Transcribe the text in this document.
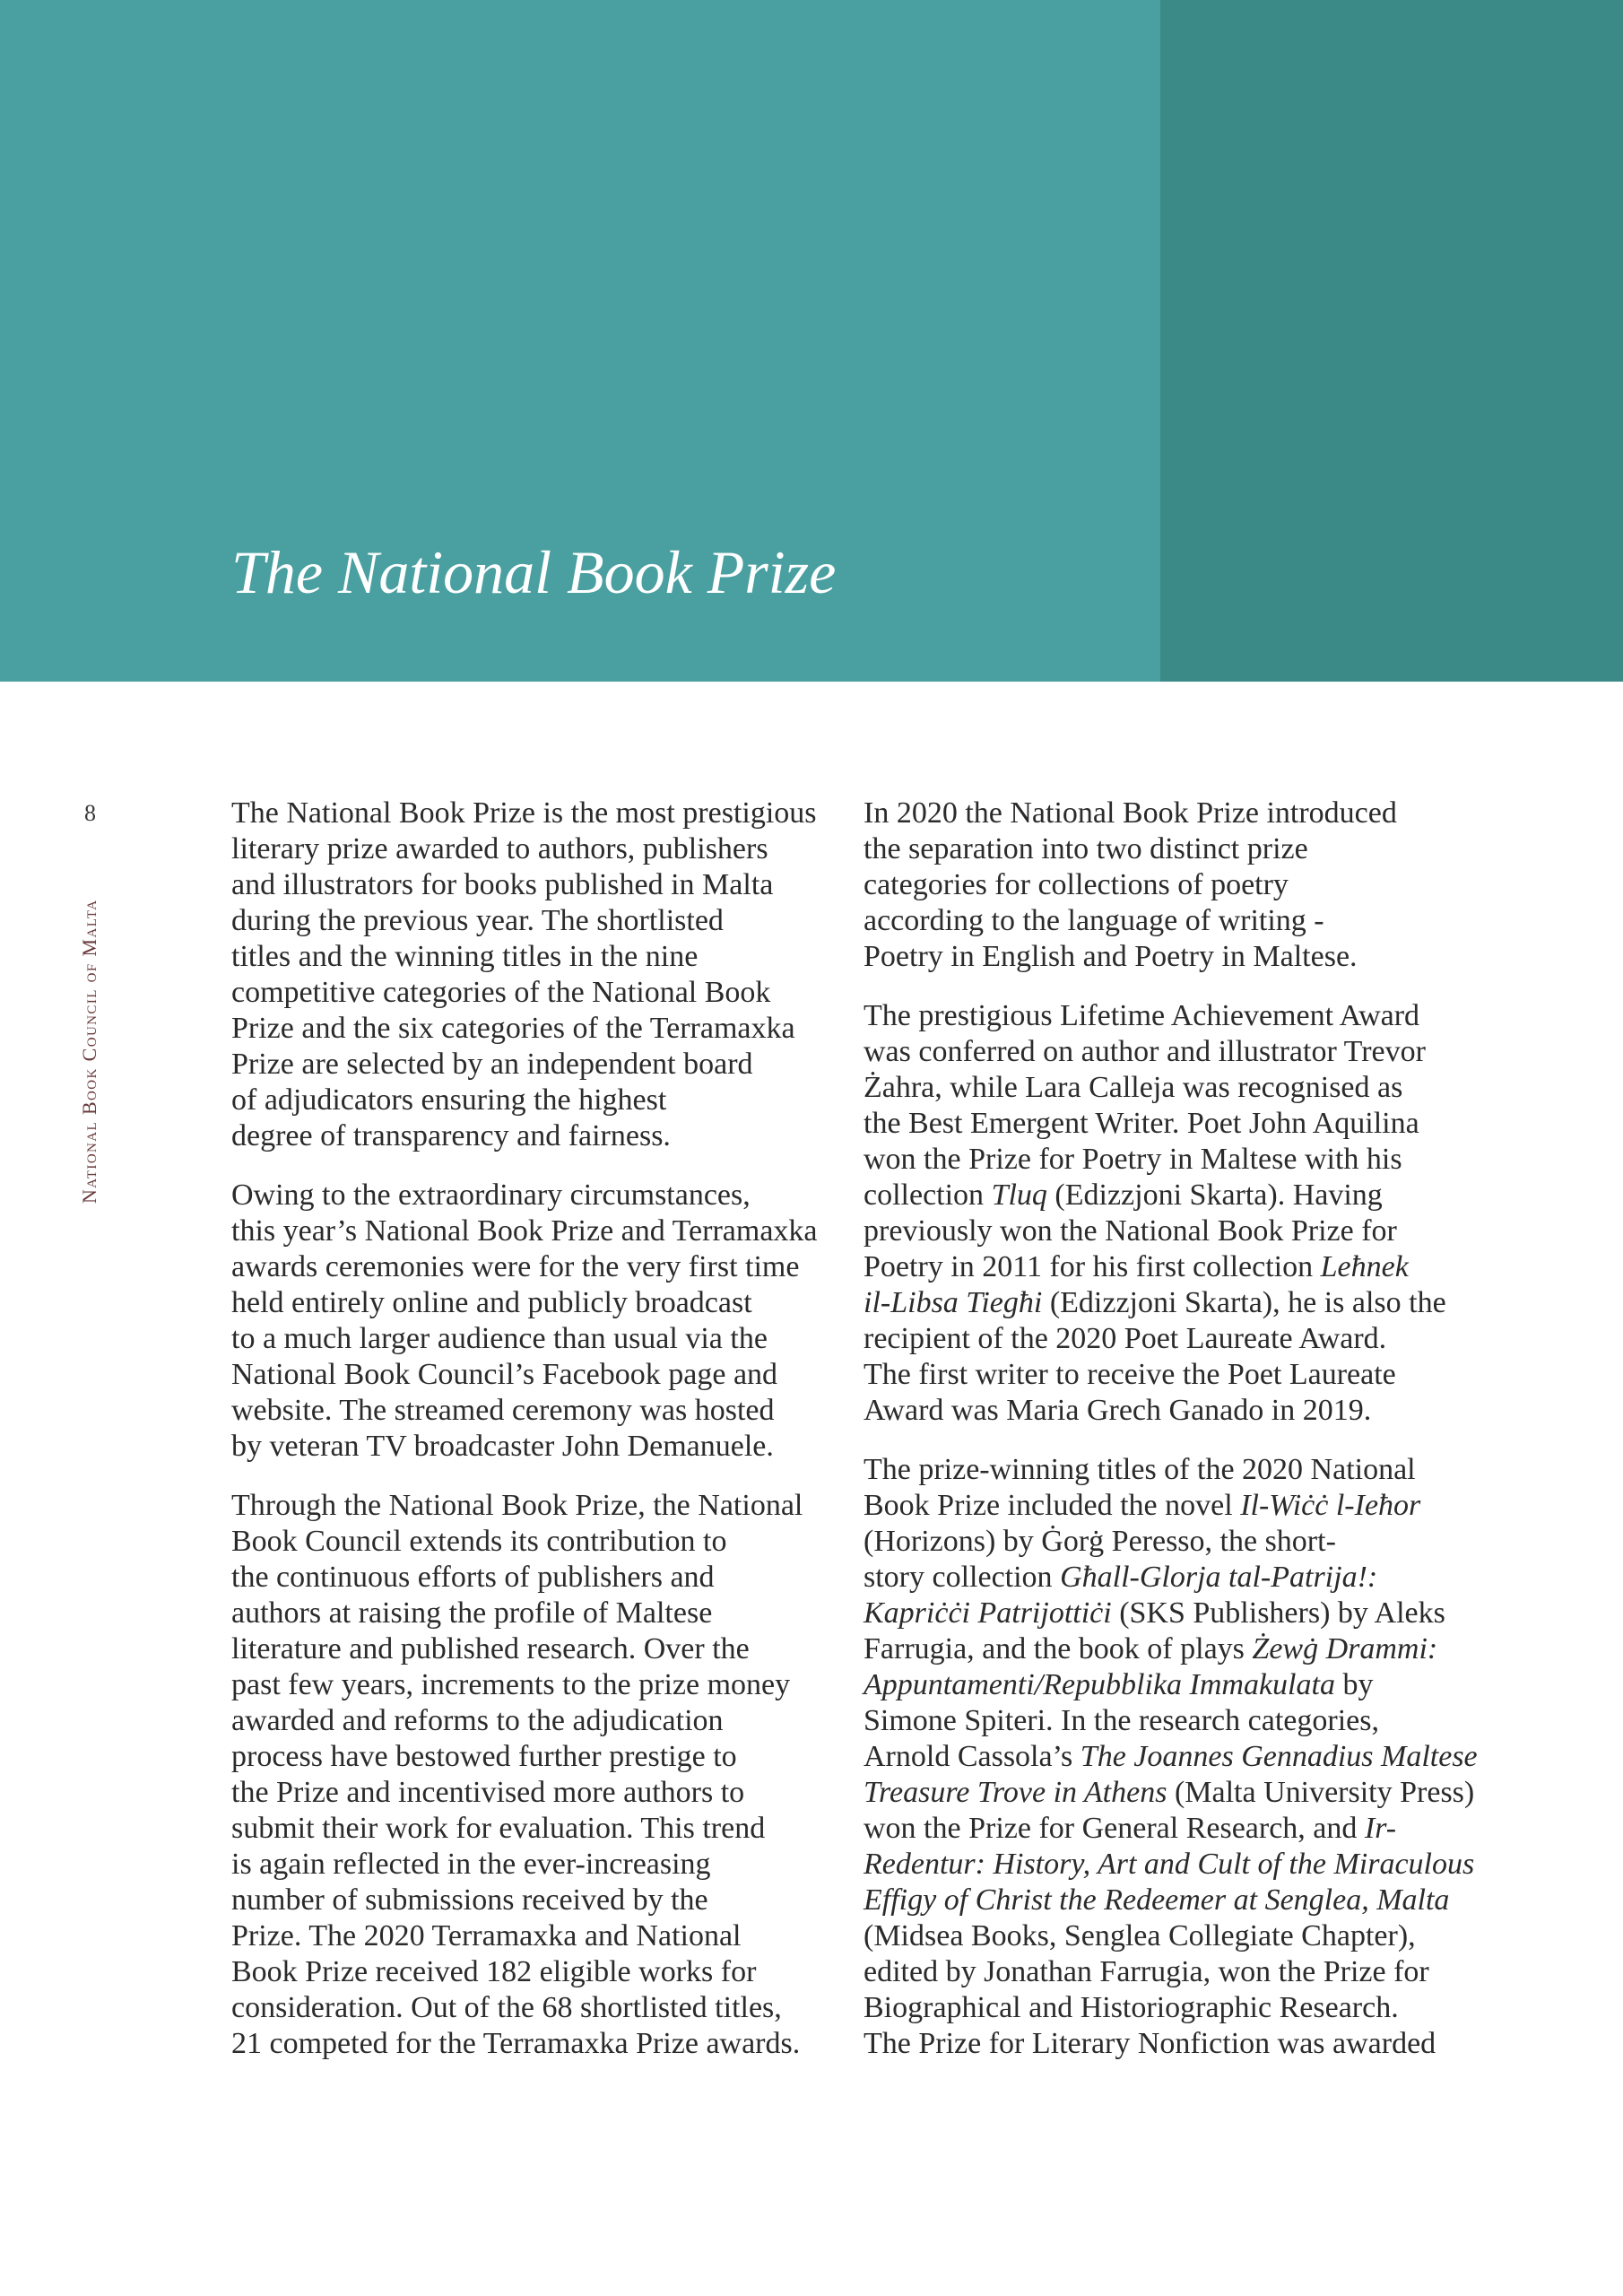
The National Book Prize
8
National Book Council of Malta

The National Book Prize is the most prestigious
literary prize awarded to authors, publishers
and illustrators for books published in Malta
during the previous year. The shortlisted
titles and the winning titles in the nine
competitive categories of the National Book
Prize and the six categories of the Terramaxka
Prize are selected by an independent board
of adjudicators ensuring the highest
degree of transparency and fairness.

Owing to the extraordinary circumstances,
this year’s National Book Prize and Terramaxka
awards ceremonies were for the very first time
held entirely online and publicly broadcast
to a much larger audience than usual via the
National Book Council’s Facebook page and
website. The streamed ceremony was hosted
by veteran TV broadcaster John Demanuele.

Through the National Book Prize, the National
Book Council extends its contribution to
the continuous efforts of publishers and
authors at raising the profile of Maltese
literature and published research. Over the
past few years, increments to the prize money
awarded and reforms to the adjudication
process have bestowed further prestige to
the Prize and incentivised more authors to
submit their work for evaluation. This trend
is again reflected in the ever-increasing
number of submissions received by the
Prize. The 2020 Terramaxka and National
Book Prize received 182 eligible works for
consideration. Out of the 68 shortlisted titles,
21 competed for the Terramaxka Prize awards.

In 2020 the National Book Prize introduced
the separation into two distinct prize
categories for collections of poetry
according to the language of writing -
Poetry in English and Poetry in Maltese.

The prestigious Lifetime Achievement Award
was conferred on author and illustrator Trevor
Żahra, while Lara Calleja was recognised as
the Best Emergent Writer. Poet John Aquilina
won the Prize for Poetry in Maltese with his
collection Tluq (Edizzjoni Skarta). Having
previously won the National Book Prize for
Poetry in 2011 for his first collection Leħnek
il-Libsa Tiegħi (Edizzjoni Skarta), he is also the
recipient of the 2020 Poet Laureate Award.
The first writer to receive the Poet Laureate
Award was Maria Grech Ganado in 2019.

The prize-winning titles of the 2020 National
Book Prize included the novel Il-Wiċċ l-Ieħor
(Horizons) by Ġorġ Peresso, the short-
story collection Għall-Glorja tal-Patrija!:
Kapriċċi Patrijottiċi (SKS Publishers) by Aleks
Farrugia, and the book of plays Żewġ Drammi:
Appuntamenti/Repubblika Immakulata by
Simone Spiteri. In the research categories,
Arnold Cassola’s The Joannes Gennadius Maltese
Treasure Trove in Athens (Malta University Press)
won the Prize for General Research, and Ir-
Redentur: History, Art and Cult of the Miraculous
Effigy of Christ the Redeemer at Senglea, Malta
(Midsea Books, Senglea Collegiate Chapter),
edited by Jonathan Farrugia, won the Prize for
Biographical and Historiographic Research.
The Prize for Literary Nonfiction was awarded
